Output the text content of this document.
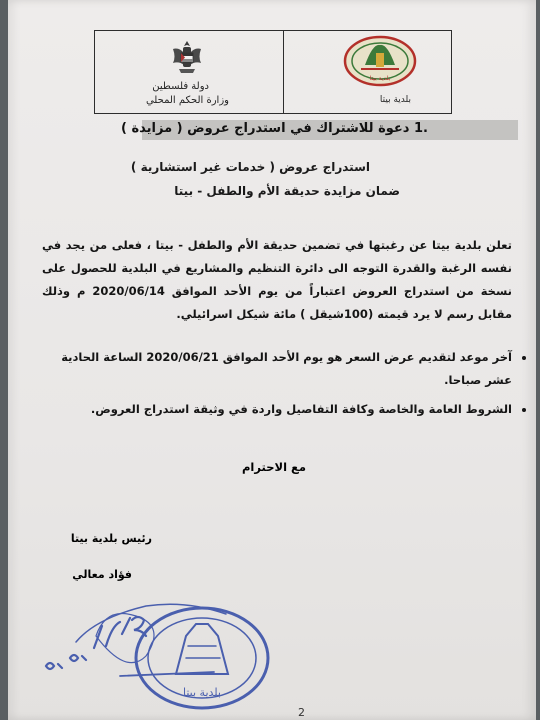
دولة فلسطين
وزارة الحكم المحلي
بلدية بيتا
بلدية بيتا
.1 دعوة للاشتراك في استدراج عروض ( مزايدة )
استدراج عروض ( خدمات غير استشارية )
ضمان مزايدة حديقة الأم والطفل - بيتا
تعلن بلدية بيتا عن رغبتها في تضمين حديقة الأم والطفل - بيتا ، فعلى من يجد في نفسه الرغبة والقدرة التوجه الى دائرة التنظيم والمشاريع في البلدية للحصول على نسخة من استدراج العروض اعتباراً من يوم الأحد الموافق 2020/06/14 م وذلك مقابل رسم لا يرد قيمته (100شيقل ) مائة شيكل اسرائيلي.
• آخر موعد لتقديم عرض السعر هو يوم الأحد الموافق 2020/06/21 الساعة الحادية عشر صباحا.
• الشروط العامة والخاصة وكافة التفاصيل واردة في وثيقة استدراج العروض.
مع الاحترام
رئيس بلدية بيتا
فؤاد معالي
بلدية بيتا
2
